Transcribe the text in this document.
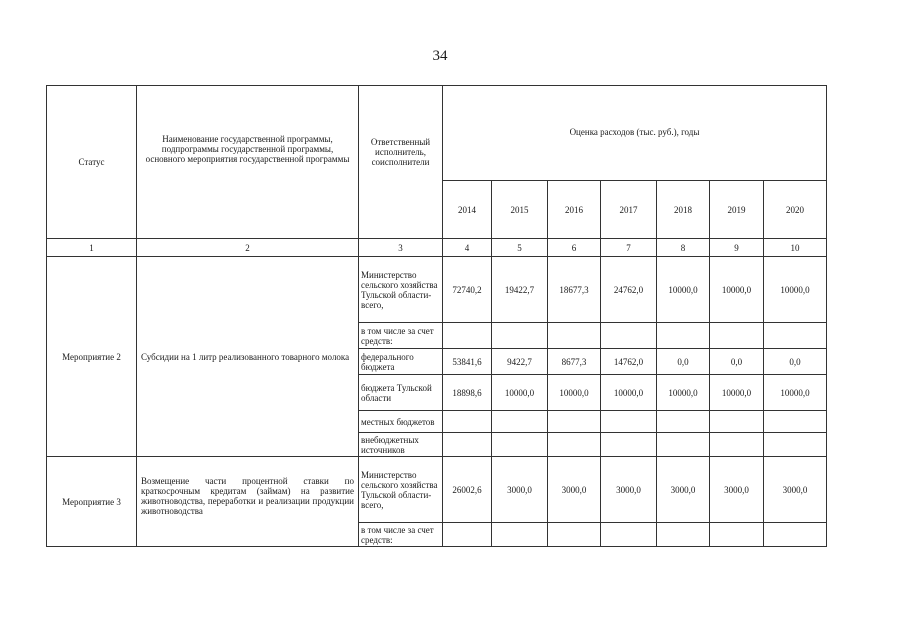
34
Статус	Наименование государственной программы, подпрограммы государственной программы, основного мероприятия государственной программы	Ответственный исполнитель, соисполнители	Оценка расходов (тыс. руб.), годы						
			2014	2015	2016	2017	2018	2019	2020
1	2	3	4	5	6	7	8	9	10
Мероприятие 2	Субсидии на 1 литр реализованного товарного молока	Министерство сельского хозяйства Тульской области- всего,	72740,2	19422,7	18677,3	24762,0	10000,0	10000,0	10000,0
		в том числе за счет средств:							
		федерального бюджета	53841,6	9422,7	8677,3	14762,0	0,0	0,0	0,0
		бюджета Тульской области	18898,6	10000,0	10000,0	10000,0	10000,0	10000,0	10000,0
		местных бюджетов							
		внебюджетных источников							
Мероприятие 3	Возмещение части процентной ставки по краткосрочным кредитам (займам) на развитие животноводства, переработки и реализации продукции животноводства	Министерство сельского хозяйства Тульской области- всего,	26002,6	3000,0	3000,0	3000,0	3000,0	3000,0	3000,0
		в том числе за счет средств:							
